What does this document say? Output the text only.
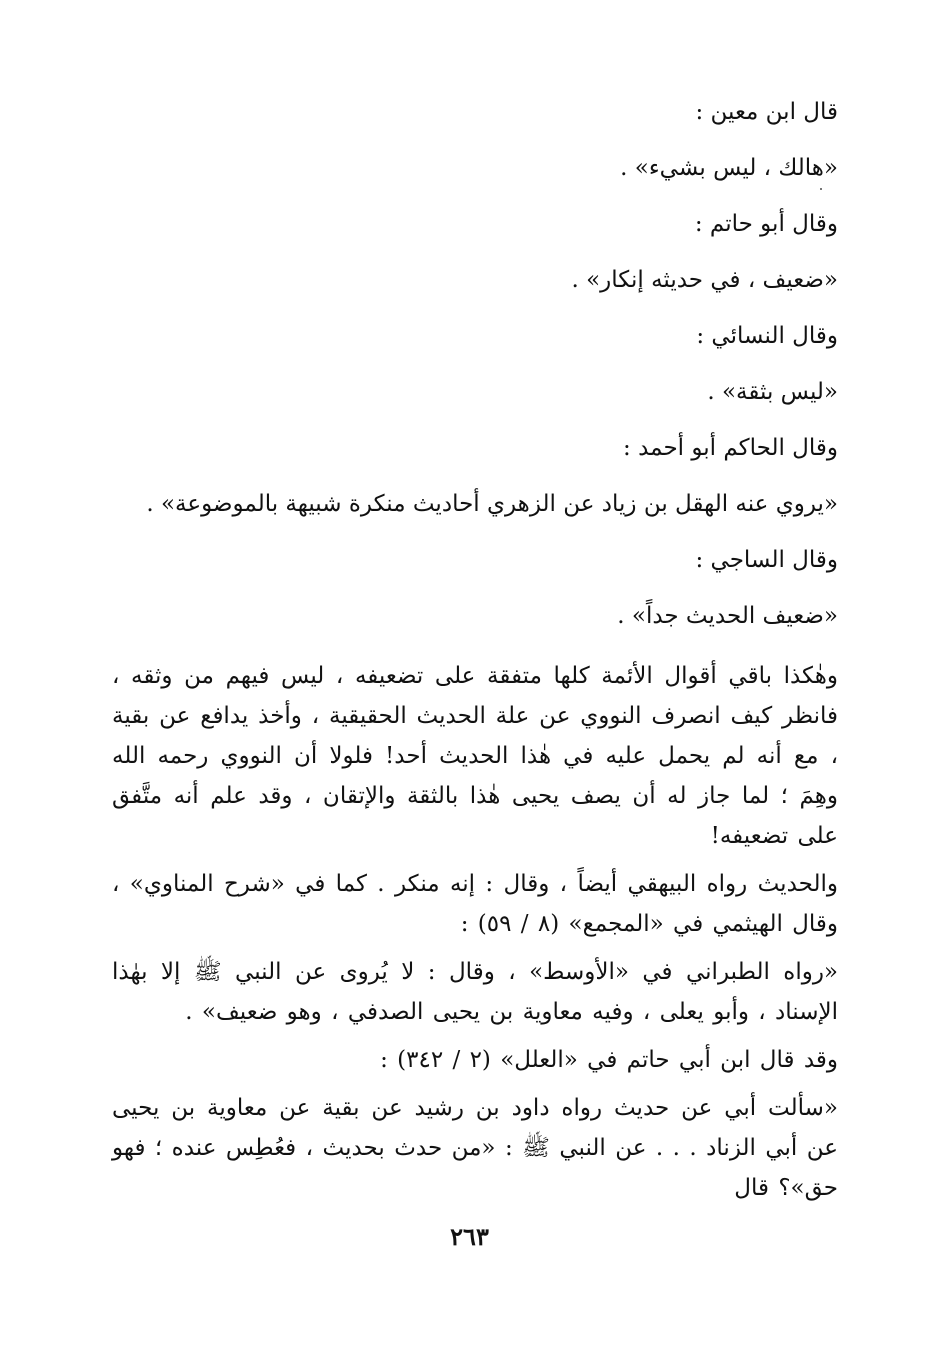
قال ابن معين :

«هالك ، ليس بشيء» .

وقال أبو حاتم :

«ضعيف ، في حديثه إنكار» .

وقال النسائي :

«ليس بثقة» .

وقال الحاكم أبو أحمد :

«يروي عنه الهقل بن زياد عن الزهري أحاديث منكرة شبيهة بالموضوعة» .

وقال الساجي :

«ضعيف الحديث جداً» .

وهٰكذا باقي أقوال الأئمة كلها متفقة على تضعيفه ، ليس فيهم من وثقه ، فانظر كيف انصرف النووي عن علة الحديث الحقيقية ، وأخذ يدافع عن بقية ، مع أنه لم يحمل عليه في هٰذا الحديث أحد! فلولا أن النووي رحمه الله وهِمَ ؛ لما جاز له أن يصف يحيى هٰذا بالثقة والإتقان ، وقد علم أنه متَّفق على تضعيفه!

والحديث رواه البيهقي أيضاً ، وقال : إنه منكر . كما في «شرح المناوي» ، وقال الهيثمي في «المجمع» (٨ / ٥٩) :

«رواه الطبراني في «الأوسط» ، وقال : لا يُروى عن النبي ﷺ إلا بهٰذا الإسناد ، وأبو يعلى ، وفيه معاوية بن يحيى الصدفي ، وهو ضعيف» .

وقد قال ابن أبي حاتم في «العلل» (٢ / ٣٤٢) :

«سألت أبي عن حديث رواه داود بن رشيد عن بقية عن معاوية بن يحيى عن أبي الزناد . . . عن النبي ﷺ : «من حدث بحديث ، فعُطِس عنده ؛ فهو حق»؟ قال

٢٦٣
